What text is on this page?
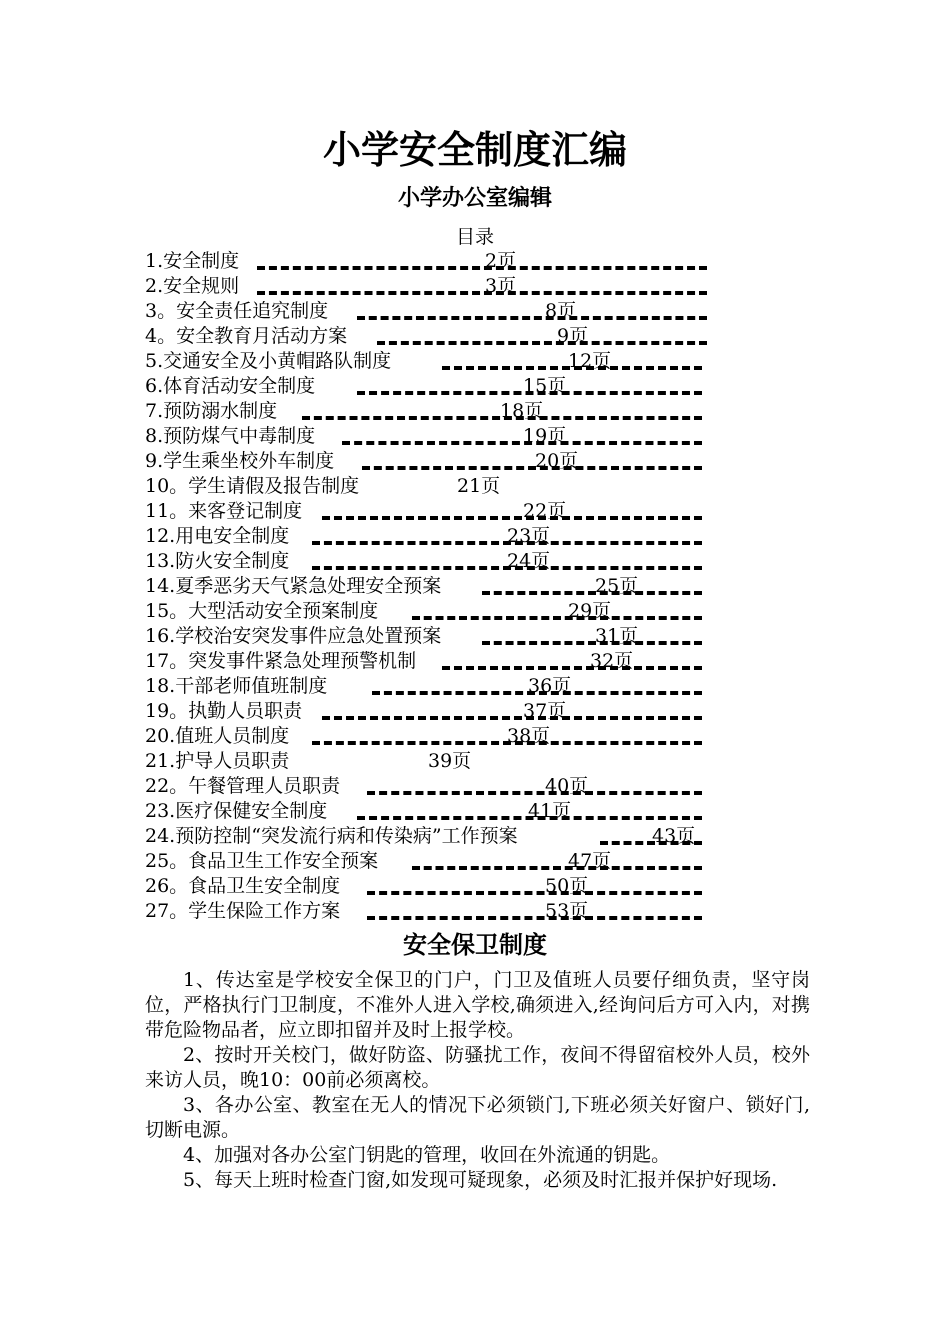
小学安全制度汇编
小学办公室编辑
目录
1.安全制度	2页
2.安全规则	3页
3。安全责任追究制度	8页
4。安全教育月活动方案	9页
5.交通安全及小黄帽路队制度	12页
6.体育活动安全制度	15页
7.预防溺水制度	18页
8.预防煤气中毒制度	19页
9.学生乘坐校外车制度	20页
10。学生请假及报告制度	21页
11。来客登记制度	22页
12.用电安全制度	23页
13.防火安全制度	24页
14.夏季恶劣天气紧急处理安全预案	25页
15。大型活动安全预案制度	29页
16.学校治安突发事件应急处置预案	31页
17。突发事件紧急处理预警机制	32页
18.干部老师值班制度	36页
19。执勤人员职责	37页
20.值班人员制度	38页
21.护导人员职责	39页
22。午餐管理人员职责	40页
23.医疗保健安全制度	41页
24.预防控制“突发流行病和传染病”工作预案	43页
25。食品卫生工作安全预案	47页
26。食品卫生安全制度	50页
27。学生保险工作方案	53页
安全保卫制度

1、传达室是学校安全保卫的门户，门卫及值班人员要仔细负责，坚守岗位，严格执行门卫制度，不准外人进入学校,确须进入,经询问后方可入内，对携带危险物品者，应立即扣留并及时上报学校。

2、按时开关校门，做好防盗、防骚扰工作，夜间不得留宿校外人员，校外来访人员，晚10：00前必须离校。

3、各办公室、教室在无人的情况下必须锁门,下班必须关好窗户、锁好门,切断电源。

4、加强对各办公室门钥匙的管理，收回在外流通的钥匙。

5、每天上班时检查门窗,如发现可疑现象，必须及时汇报并保护好现场.
